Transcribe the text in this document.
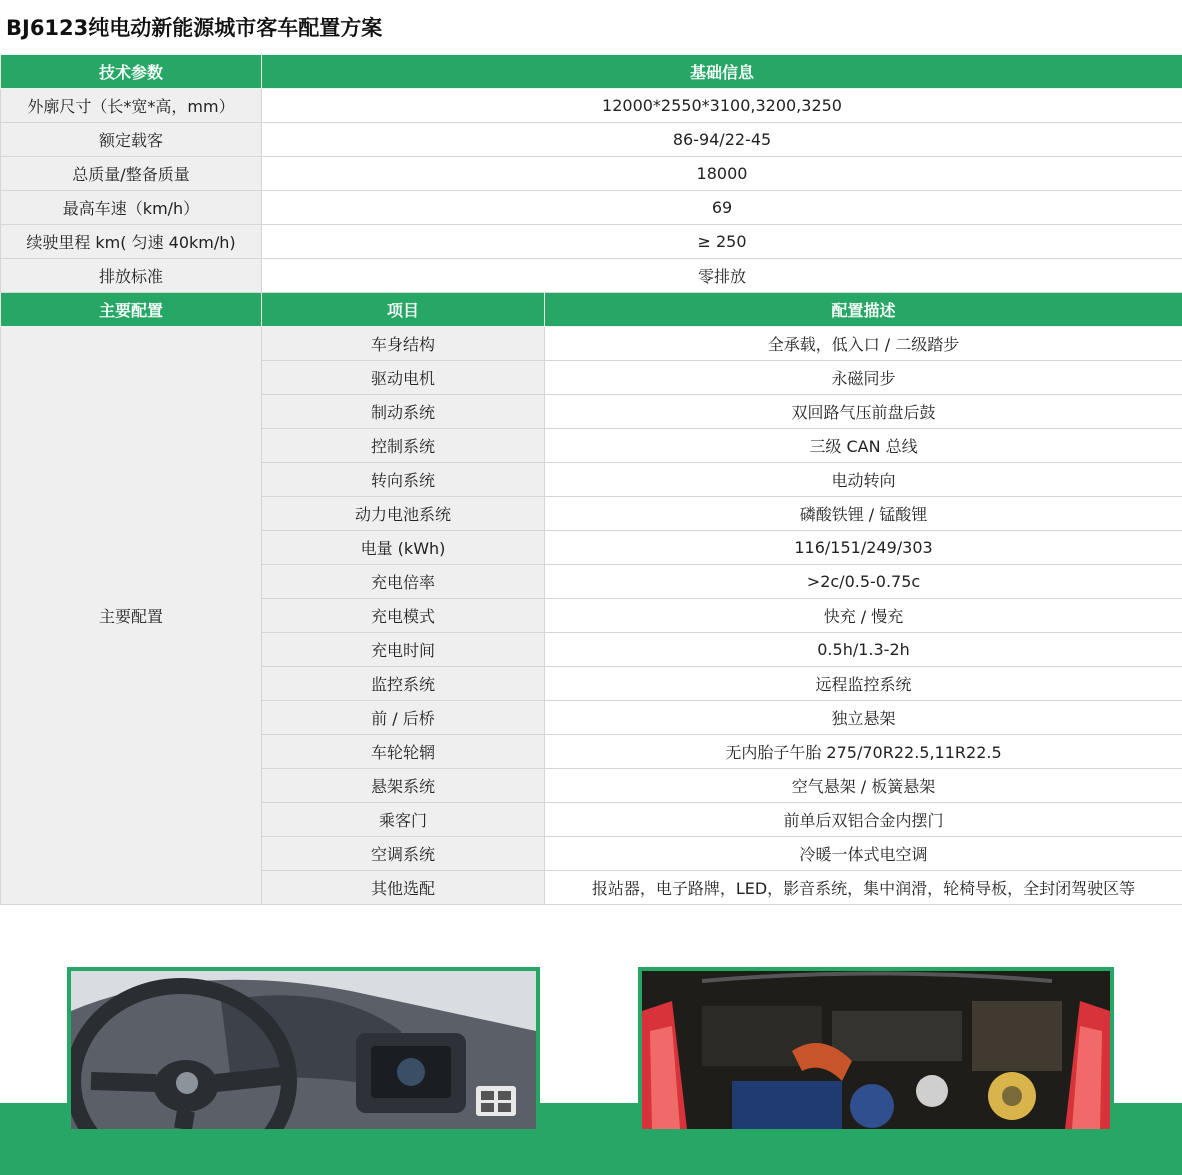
BJ6123纯电动新能源城市客车配置方案
技术参数	基础信息	
外廓尺寸（长*宽*高，mm）	12000*2550*3100,3200,3250	
额定载客	86-94/22-45	
总质量/整备质量	18000	
最高车速（km/h）	69	
续驶里程 km( 匀速 40km/h)	≥ 250	
排放标准	零排放	
主要配置	项目	配置描述
主要配置	车身结构	全承载，低入口 / 二级踏步
	驱动电机	永磁同步
	制动系统	双回路气压前盘后鼓
	控制系统	三级 CAN 总线
	转向系统	电动转向
	动力电池系统	磷酸铁锂 / 锰酸锂
	电量 (kWh)	116/151/249/303
	充电倍率	>2c/0.5-0.75c
	充电模式	快充 / 慢充
	充电时间	0.5h/1.3-2h
	监控系统	远程监控系统
	前 / 后桥	独立悬架
	车轮轮辋	无内胎子午胎 275/70R22.5,11R22.5
	悬架系统	空气悬架 / 板簧悬架
	乘客门	前单后双铝合金内摆门
	空调系统	冷暖一体式电空调
	其他选配	报站器，电子路牌，LED，影音系统，集中润滑，轮椅导板，全封闭驾驶区等
